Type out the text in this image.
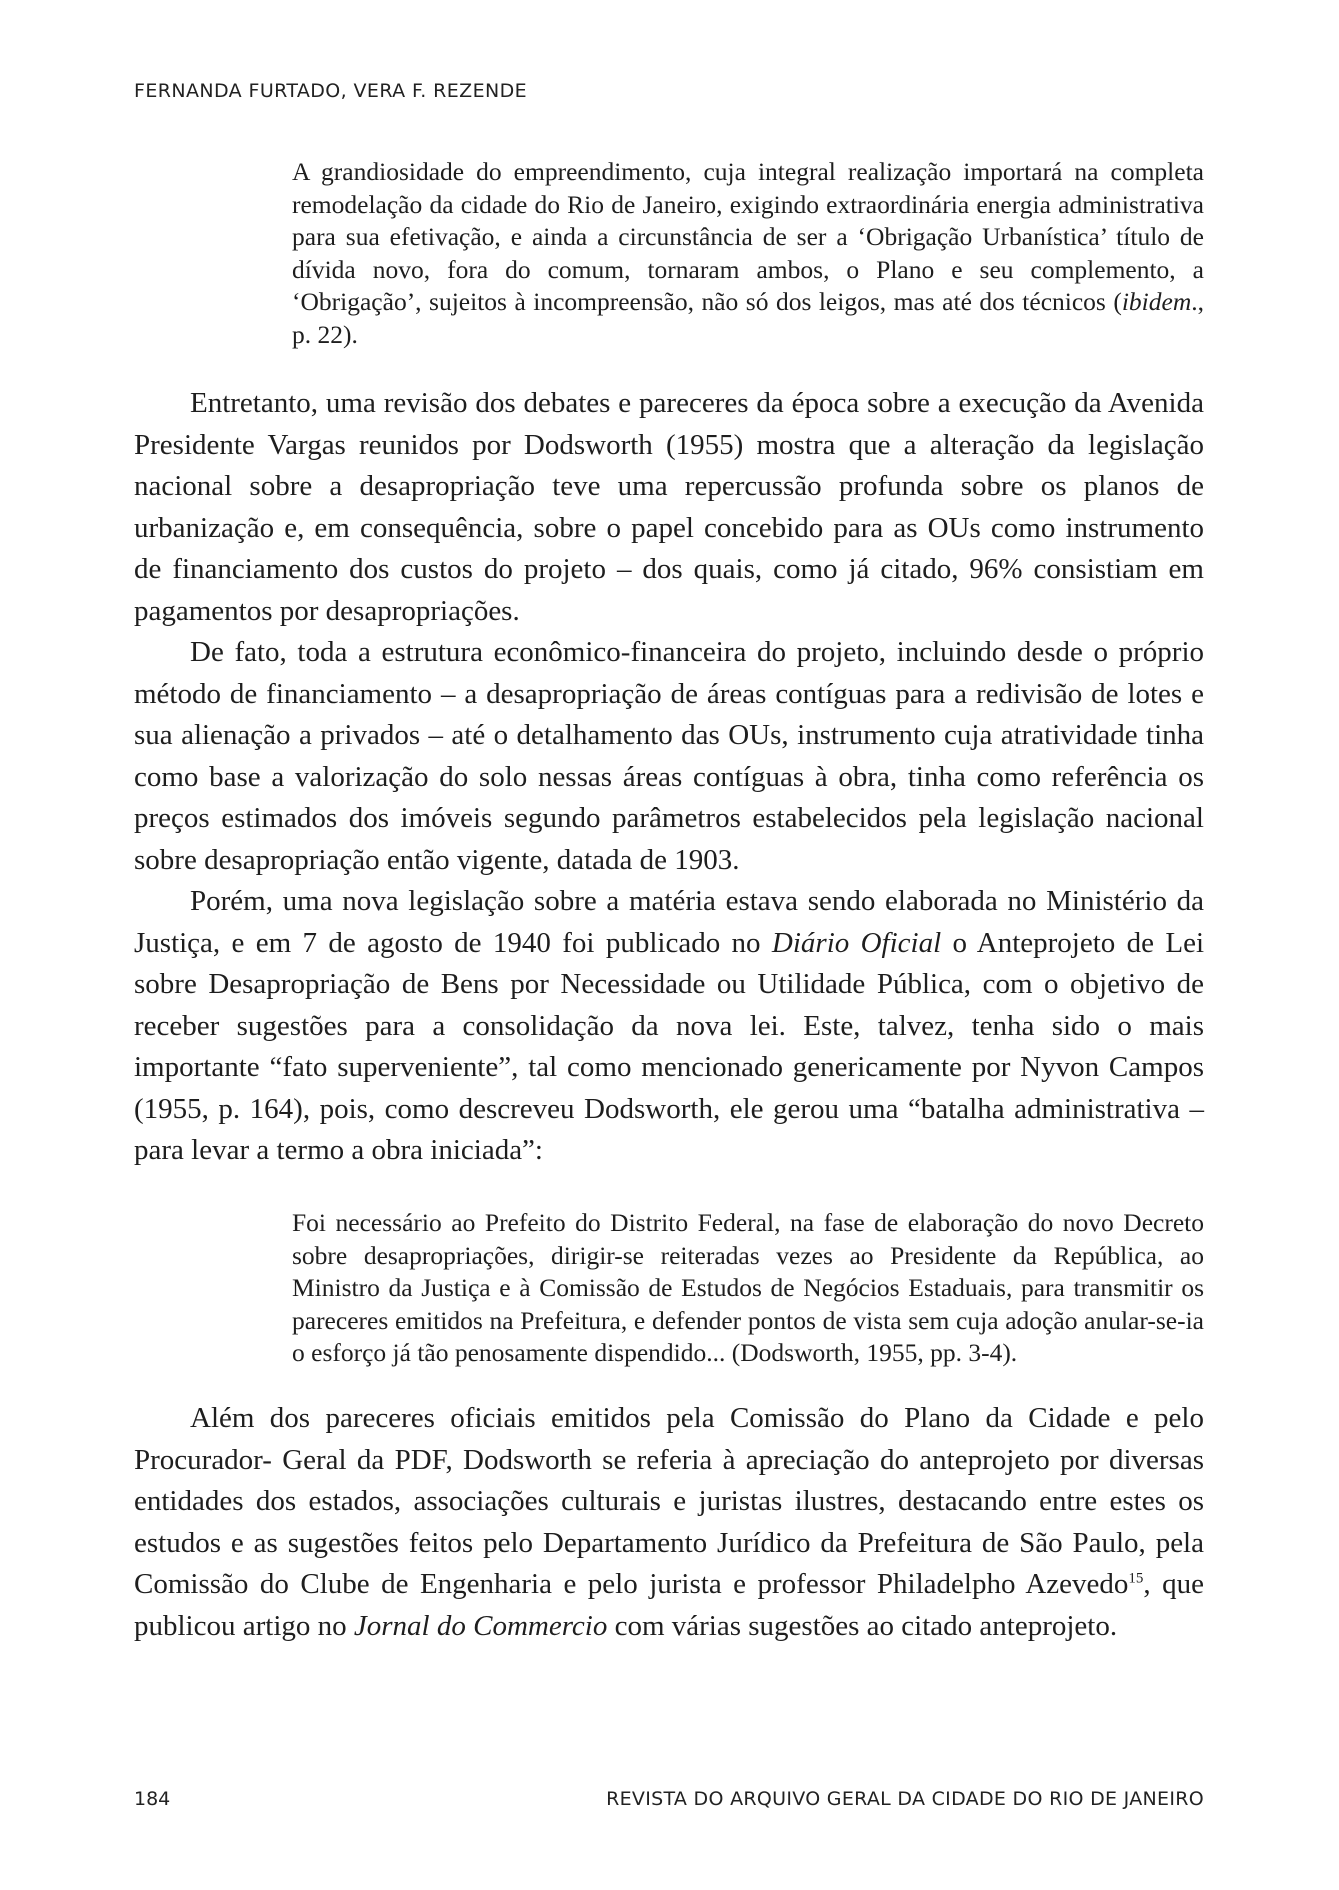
FERNANDA FURTADO, VERA F. REZENDE

A grandiosidade do empreendimento, cuja integral realização importará na completa remodelação da cidade do Rio de Janeiro, exigindo extraordinária energia administrativa para sua efetivação, e ainda a circunstância de ser a ‘Obrigação Urbanística’ título de dívida novo, fora do comum, tornaram ambos, o Plano e seu complemento, a ‘Obrigação’, sujeitos à incompreensão, não só dos leigos, mas até dos técnicos (ibidem., p. 22).

Entretanto, uma revisão dos debates e pareceres da época sobre a execução da Avenida Presidente Vargas reunidos por Dodsworth (1955) mostra que a alteração da legislação nacional sobre a desapropriação teve uma repercussão profunda sobre os planos de urbanização e, em consequência, sobre o papel concebido para as OUs como instrumento de financiamento dos custos do projeto – dos quais, como já citado, 96% consistiam em pagamentos por desapropriações.

De fato, toda a estrutura econômico-financeira do projeto, incluindo desde o próprio método de financiamento – a desapropriação de áreas contíguas para a redivisão de lotes e sua alienação a privados – até o detalhamento das OUs, instrumento cuja atratividade tinha como base a valorização do solo nessas áreas contíguas à obra, tinha como referência os preços estimados dos imóveis segundo parâmetros estabelecidos pela legislação nacional sobre desapropriação então vigente, datada de 1903.

Porém, uma nova legislação sobre a matéria estava sendo elaborada no Ministério da Justiça, e em 7 de agosto de 1940 foi publicado no Diário Oficial o Anteprojeto de Lei sobre Desapropriação de Bens por Necessidade ou Utilidade Pública, com o objetivo de receber sugestões para a consolidação da nova lei. Este, talvez, tenha sido o mais importante “fato superveniente”, tal como mencionado genericamente por Nyvon Campos (1955, p. 164), pois, como descreveu Dodsworth, ele gerou uma “batalha administrativa – para levar a termo a obra iniciada”:

Foi necessário ao Prefeito do Distrito Federal, na fase de elaboração do novo Decreto sobre desapropriações, dirigir-se reiteradas vezes ao Presidente da República, ao Ministro da Justiça e à Comissão de Estudos de Negócios Estaduais, para transmitir os pareceres emitidos na Prefeitura, e defender pontos de vista sem cuja adoção anular-se-ia o esforço já tão penosamente dispendido... (Dodsworth, 1955, pp. 3-4).

Além dos pareceres oficiais emitidos pela Comissão do Plano da Cidade e pelo Procurador- Geral da PDF, Dodsworth se referia à apreciação do anteprojeto por diversas entidades dos estados, associações culturais e juristas ilustres, destacando entre estes os estudos e as sugestões feitos pelo Departamento Jurídico da Prefeitura de São Paulo, pela Comissão do Clube de Engenharia e pelo jurista e professor Philadelpho Azevedo$^{15}$, que publicou artigo no Jornal do Commercio com várias sugestões ao citado anteprojeto.

184	REVISTA DO ARQUIVO GERAL DA CIDADE DO RIO DE JANEIRO
